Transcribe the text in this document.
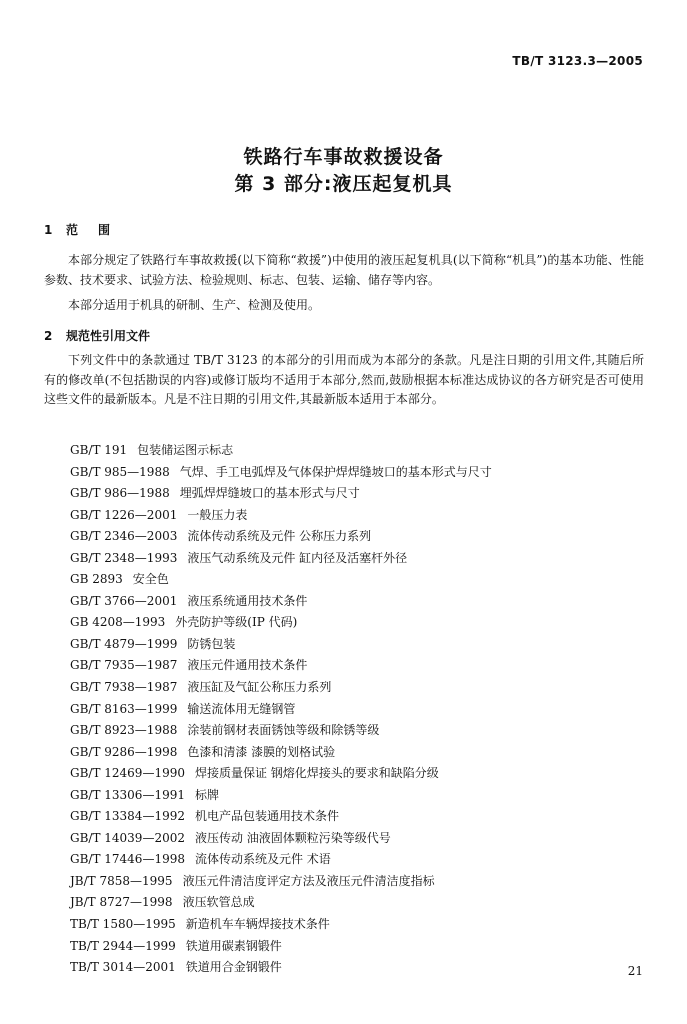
TB/T 3123.3—2005
铁路行车事故救援设备
第 3 部分:液压起复机具
1 范围
本部分规定了铁路行车事故救援(以下简称“救援”)中使用的液压起复机具(以下简称“机具”)的基本功能、性能参数、技术要求、试验方法、检验规则、标志、包装、运输、储存等内容。
本部分适用于机具的研制、生产、检测及使用。
2 规范性引用文件
下列文件中的条款通过 TB/T 3123 的本部分的引用而成为本部分的条款。凡是注日期的引用文件,其随后所有的修改单(不包括勘误的内容)或修订版均不适用于本部分,然而,鼓励根据本标准达成协议的各方研究是否可使用这些文件的最新版本。凡是不注日期的引用文件,其最新版本适用于本部分。
GB/T 191 包装储运图示标志
GB/T 985—1988 气焊、手工电弧焊及气体保护焊焊缝坡口的基本形式与尺寸
GB/T 986—1988 埋弧焊焊缝坡口的基本形式与尺寸
GB/T 1226—2001 一般压力表
GB/T 2346—2003 流体传动系统及元件 公称压力系列
GB/T 2348—1993 液压气动系统及元件 缸内径及活塞杆外径
GB 2893 安全色
GB/T 3766—2001 液压系统通用技术条件
GB 4208—1993 外壳防护等级(IP 代码)
GB/T 4879—1999 防锈包装
GB/T 7935—1987 液压元件通用技术条件
GB/T 7938—1987 液压缸及气缸公称压力系列
GB/T 8163—1999 输送流体用无缝钢管
GB/T 8923—1988 涂装前钢材表面锈蚀等级和除锈等级
GB/T 9286—1998 色漆和清漆 漆膜的划格试验
GB/T 12469—1990 焊接质量保证 钢熔化焊接头的要求和缺陷分级
GB/T 13306—1991 标牌
GB/T 13384—1992 机电产品包装通用技术条件
GB/T 14039—2002 液压传动 油液固体颗粒污染等级代号
GB/T 17446—1998 流体传动系统及元件 术语
JB/T 7858—1995 液压元件清洁度评定方法及液压元件清洁度指标
JB/T 8727—1998 液压软管总成
TB/T 1580—1995 新造机车车辆焊接技术条件
TB/T 2944—1999 铁道用碳素钢锻件
TB/T 3014—2001 铁道用合金钢锻件	21
